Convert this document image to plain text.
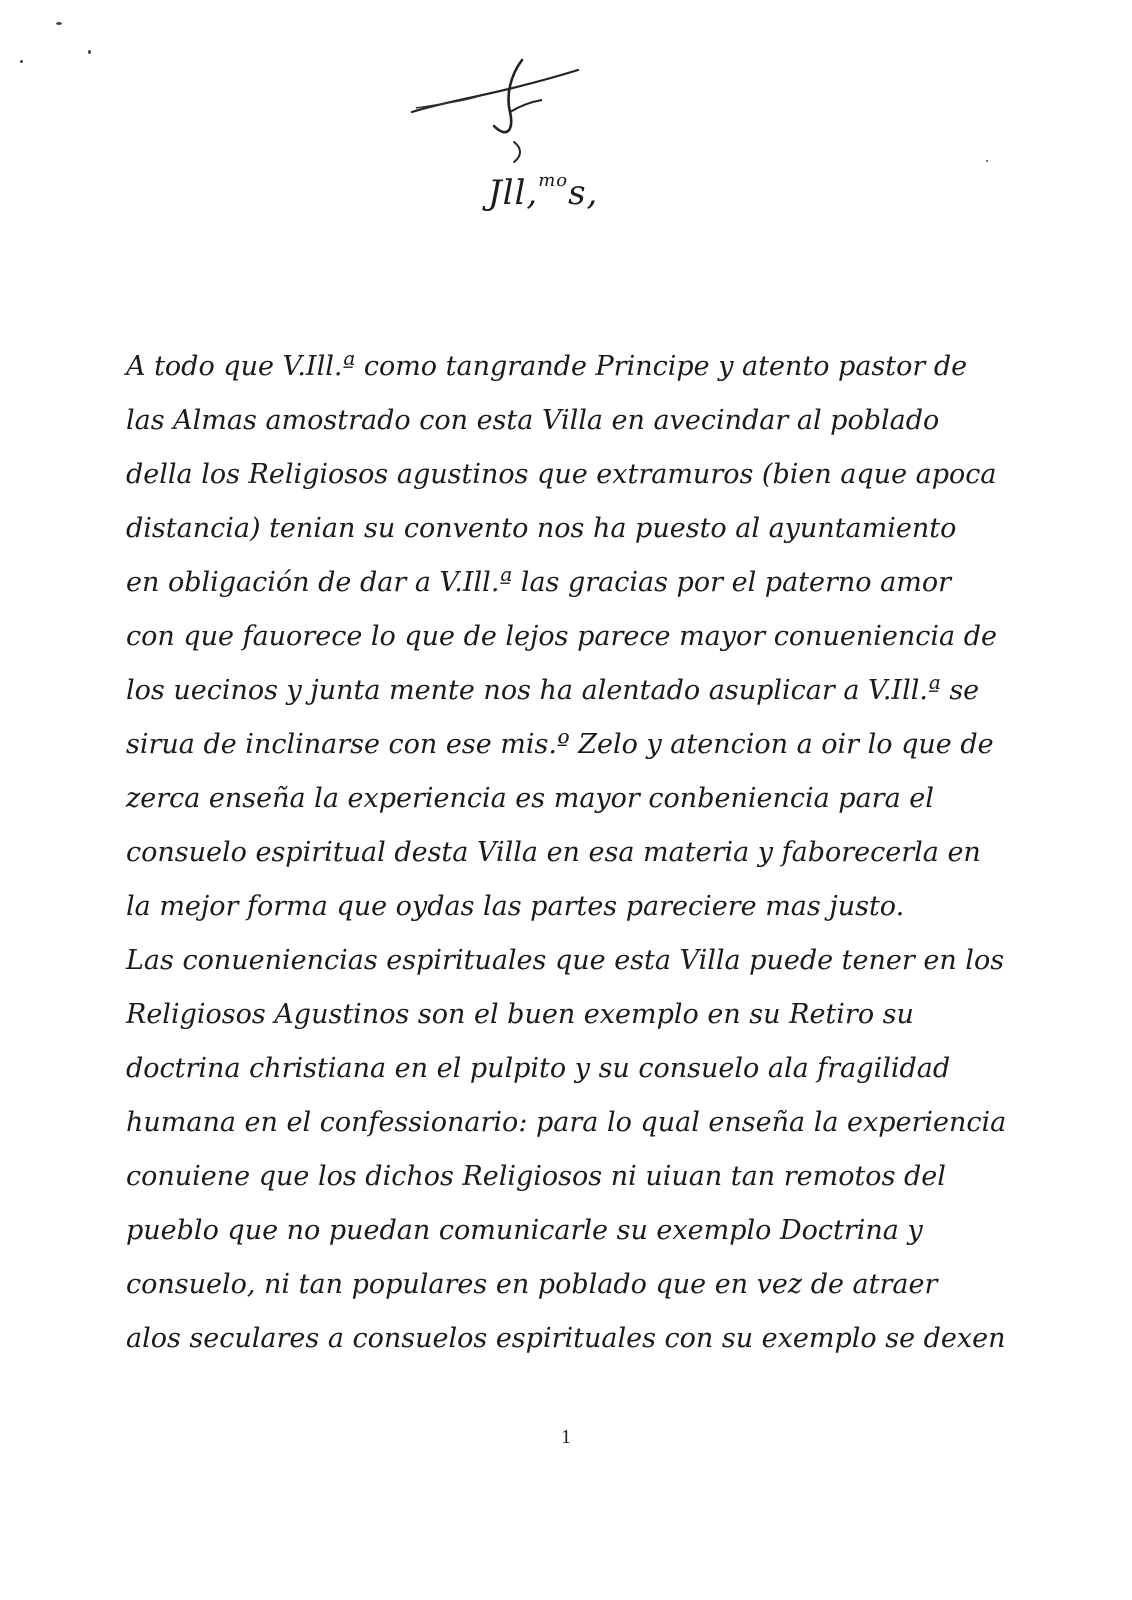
Jll,$^{mo}$s,

A todo que V.Ill.ª como tangrande Principe y atento pastor de
las Almas amostrado con esta Villa en avecindar al poblado
della los Religiosos agustinos que extramuros (bien aque apoca
distancia) tenian su convento nos ha puesto al ayuntamiento
en obligación de dar a V.Ill.ª las gracias por el paterno amor
con que fauorece lo que de lejos parece mayor conueniencia de
los uecinos y junta mente nos ha alentado asuplicar a V.Ill.ª se
sirua de inclinarse con ese mis.º Zelo y atencion a oir lo que de
zerca enseña la experiencia es mayor conbeniencia para el
consuelo espiritual desta Villa en esa materia y faborecerla en
la mejor forma que oydas las partes pareciere mas justo.

Las conueniencias espirituales que esta Villa puede tener en los
Religiosos Agustinos son el buen exemplo en su Retiro su
doctrina christiana en el pulpito y su consuelo ala fragilidad
humana en el confessionario: para lo qual enseña la experiencia
conuiene que los dichos Religiosos ni uiuan tan remotos del
pueblo que no puedan comunicarle su exemplo Doctrina y
consuelo, ni tan populares en poblado que en vez de atraer
alos seculares a consuelos espirituales con su exemplo se dexen

1
